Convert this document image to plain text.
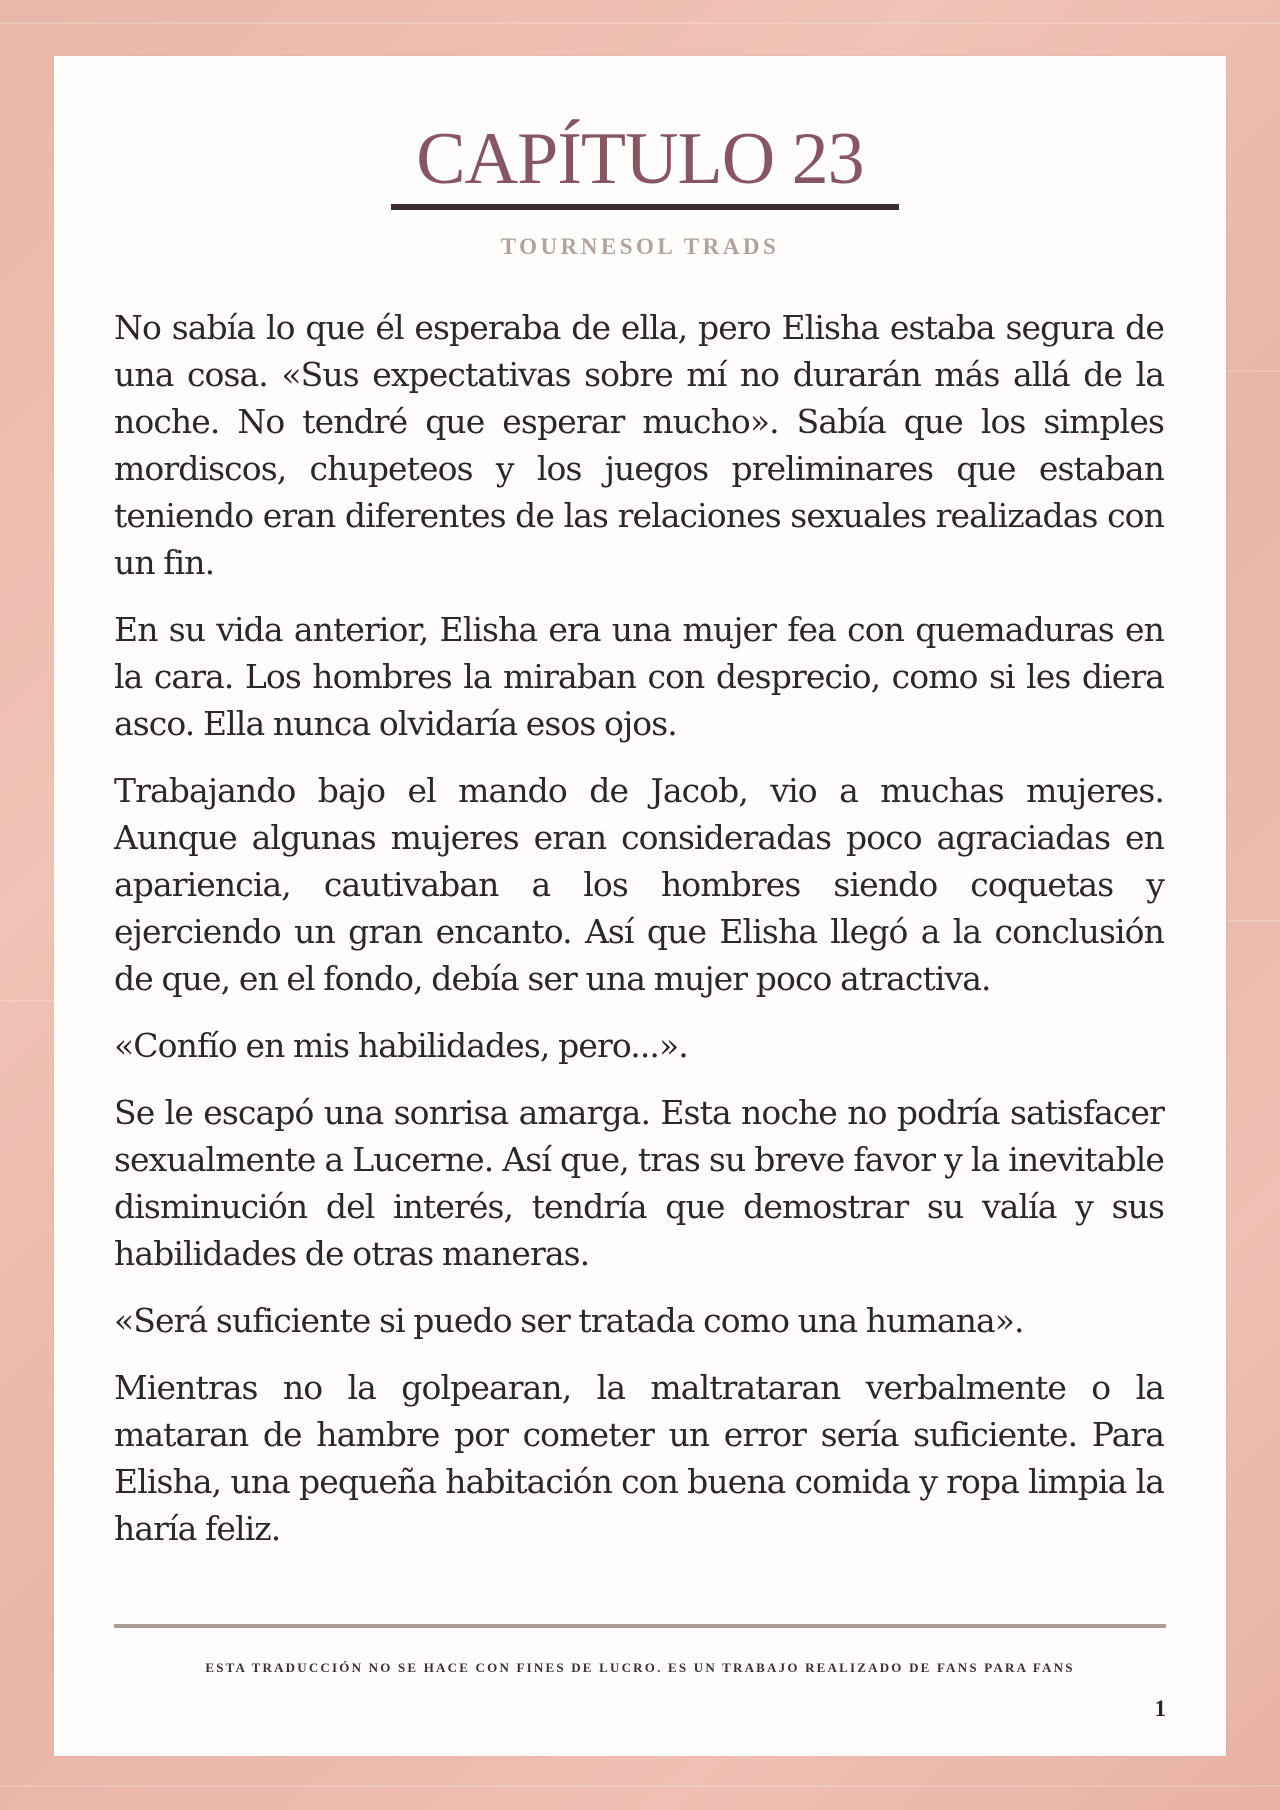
CAPÍTULO 23
TOURNESOL TRADS

No sabía lo que él esperaba de ella, pero Elisha estaba segura de una cosa. «Sus expectativas sobre mí no durarán más allá de la noche. No tendré que esperar mucho». Sabía que los simples mordiscos, chupeteos y los juegos preliminares que estaban teniendo eran diferentes de las relaciones sexuales realizadas con un fin.

En su vida anterior, Elisha era una mujer fea con quemaduras en la cara. Los hombres la miraban con desprecio, como si les diera asco. Ella nunca olvidaría esos ojos.

Trabajando bajo el mando de Jacob, vio a muchas mujeres. Aunque algunas mujeres eran consideradas poco agraciadas en apariencia, cautivaban a los hombres siendo coquetas y ejerciendo un gran encanto. Así que Elisha llegó a la conclusión de que, en el fondo, debía ser una mujer poco atractiva.

«Confío en mis habilidades, pero...».

Se le escapó una sonrisa amarga. Esta noche no podría satisfacer sexualmente a Lucerne. Así que, tras su breve favor y la inevitable disminución del interés, tendría que demostrar su valía y sus habilidades de otras maneras.

«Será suficiente si puedo ser tratada como una humana».

Mientras no la golpearan, la maltrataran verbalmente o la mataran de hambre por cometer un error sería suficiente. Para Elisha, una pequeña habitación con buena comida y ropa limpia la haría feliz.

ESTA TRADUCCIÓN NO SE HACE CON FINES DE LUCRO. ES UN TRABAJO REALIZADO DE FANS PARA FANS
1
